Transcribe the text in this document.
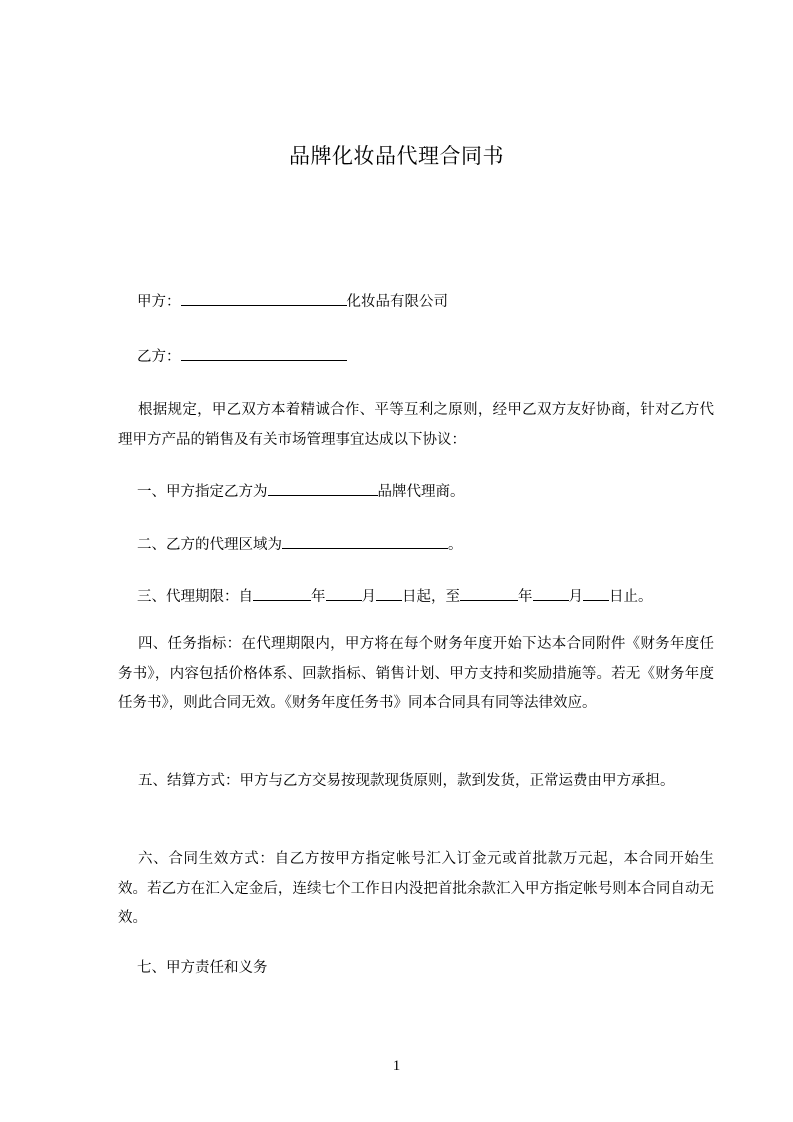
品牌化妆品代理合同书
甲方：	化妆品有限公司
乙方：
根据规定，甲乙双方本着精诚合作、平等互利之原则，经甲乙双方友好协商，针对乙方代理甲方产品的销售及有关市场管理事宜达成以下协议：
一、甲方指定乙方为	品牌代理商。
二、乙方的代理区域为	。
三、代理期限：自	年 月 日起，至	年 月 日止。
四、任务指标：在代理期限内，甲方将在每个财务年度开始下达本合同附件《财务年度任务书》，内容包括价格体系、回款指标、销售计划、甲方支持和奖励措施等。若无《财务年度任务书》，则此合同无效。《财务年度任务书》同本合同具有同等法律效应。
五、结算方式：甲方与乙方交易按现款现货原则，款到发货，正常运费由甲方承担。
六、合同生效方式：自乙方按甲方指定帐号汇入订金元或首批款万元起，本合同开始生效。若乙方在汇入定金后，连续七个工作日内没把首批余款汇入甲方指定帐号则本合同自动无效。
七、甲方责任和义务
1
